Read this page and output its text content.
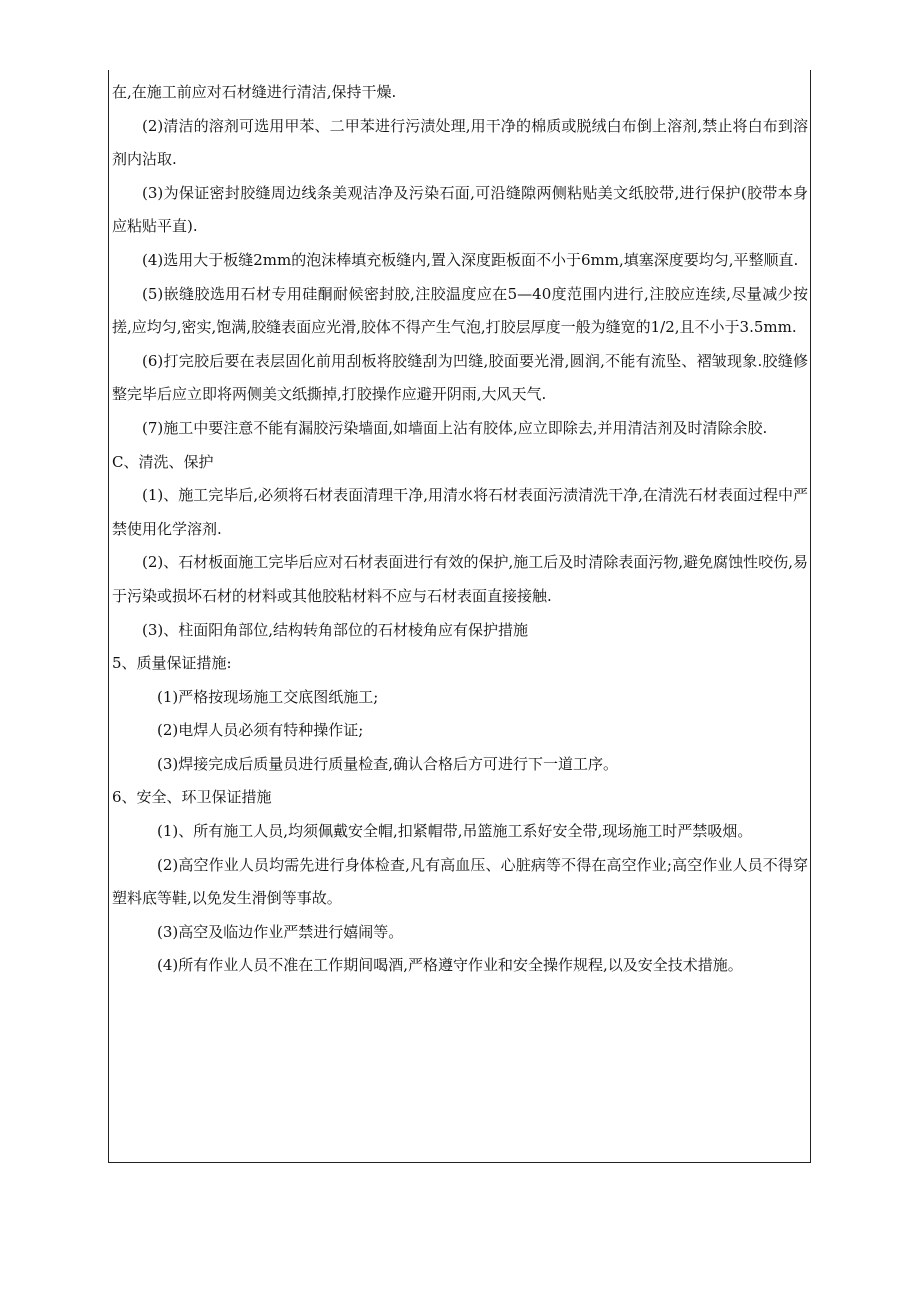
在,在施工前应对石材缝进行清洁,保持干燥.

(2)清洁的溶剂可选用甲苯、二甲苯进行污渍处理,用干净的棉质或脱绒白布倒上溶剂,禁止将白布到溶剂内沾取.

(3)为保证密封胶缝周边线条美观洁净及污染石面,可沿缝隙两侧粘贴美文纸胶带,进行保护(胶带本身应粘贴平直).

(4)选用大于板缝2mm的泡沫棒填充板缝内,置入深度距板面不小于6mm,填塞深度要均匀,平整顺直.

(5)嵌缝胶选用石材专用硅酮耐候密封胶,注胶温度应在5—40度范围内进行,注胶应连续,尽量减少按搓,应均匀,密实,饱满,胶缝表面应光滑,胶体不得产生气泡,打胶层厚度一般为缝宽的1/2,且不小于3.5mm.

(6)打完胶后要在表层固化前用刮板将胶缝刮为凹缝,胶面要光滑,圆润,不能有流坠、褶皱现象.胶缝修整完毕后应立即将两侧美文纸撕掉,打胶操作应避开阴雨,大风天气.

(7)施工中要注意不能有漏胶污染墙面,如墙面上沾有胶体,应立即除去,并用清洁剂及时清除余胶.

C、清洗、保护

(1)、施工完毕后,必须将石材表面清理干净,用清水将石材表面污渍清洗干净,在清洗石材表面过程中严禁使用化学溶剂.

(2)、石材板面施工完毕后应对石材表面进行有效的保护,施工后及时清除表面污物,避免腐蚀性咬伤,易于污染或损坏石材的材料或其他胶粘材料不应与石材表面直接接触.

(3)、柱面阳角部位,结构转角部位的石材棱角应有保护措施

5、质量保证措施:

(1)严格按现场施工交底图纸施工;

(2)电焊人员必须有特种操作证;

(3)焊接完成后质量员进行质量检查,确认合格后方可进行下一道工序。

6、安全、环卫保证措施

(1)、所有施工人员,均须佩戴安全帽,扣紧帽带,吊篮施工系好安全带,现场施工时严禁吸烟。

(2)高空作业人员均需先进行身体检查,凡有高血压、心脏病等不得在高空作业;高空作业人员不得穿塑料底等鞋,以免发生滑倒等事故。

(3)高空及临边作业严禁进行嬉闹等。

(4)所有作业人员不准在工作期间喝酒,严格遵守作业和安全操作规程,以及安全技术措施。
